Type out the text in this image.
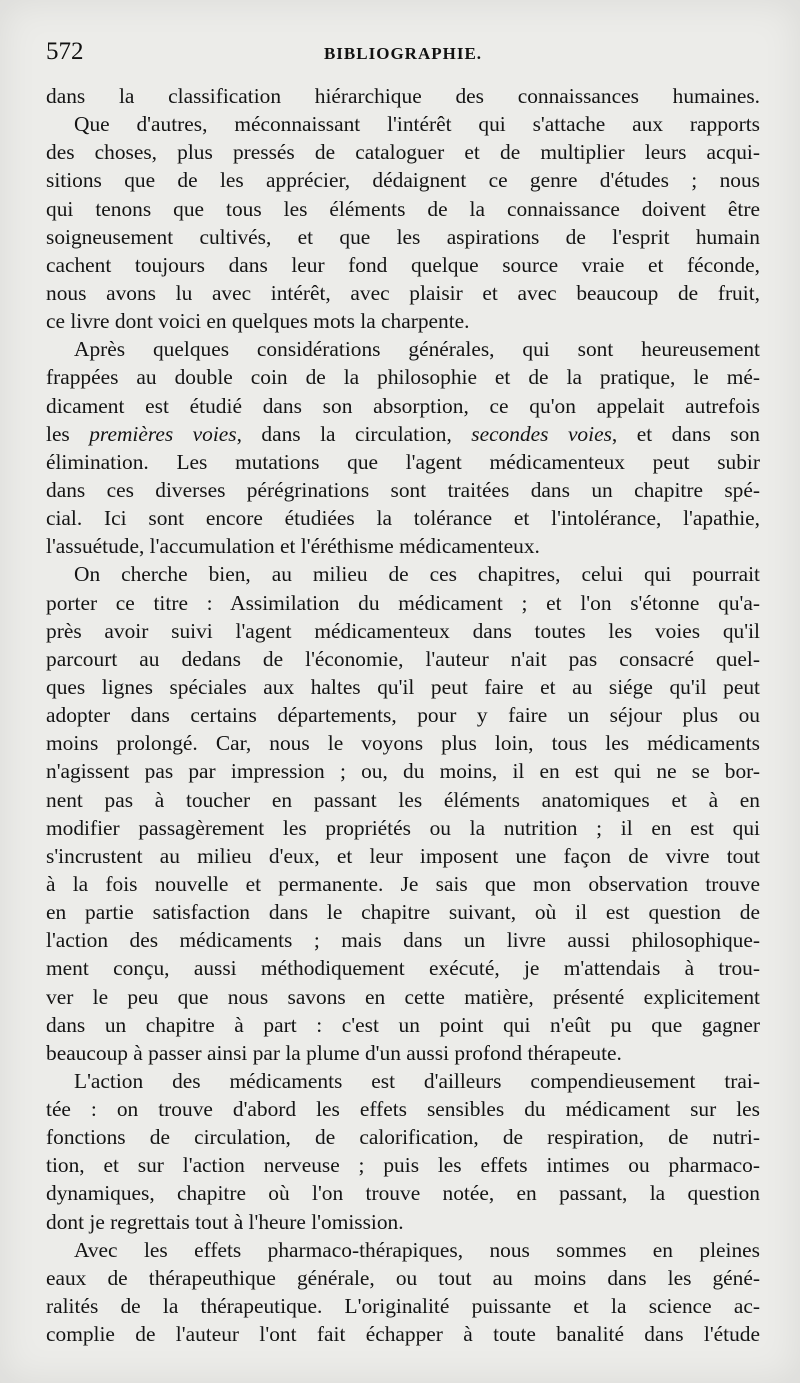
572	BIBLIOGRAPHIE.
dans la classification hiérarchique des connaissances humaines.
Que d'autres, méconnaissant l'intérêt qui s'attache aux rapports
des choses, plus pressés de cataloguer et de multiplier leurs acqui-
sitions que de les apprécier, dédaignent ce genre d'études ; nous
qui tenons que tous les éléments de la connaissance doivent être
soigneusement cultivés, et que les aspirations de l'esprit humain
cachent toujours dans leur fond quelque source vraie et féconde,
nous avons lu avec intérêt, avec plaisir et avec beaucoup de fruit,
ce livre dont voici en quelques mots la charpente.
Après quelques considérations générales, qui sont heureusement
frappées au double coin de la philosophie et de la pratique, le mé-
dicament est étudié dans son absorption, ce qu'on appelait autrefois
les premières voies, dans la circulation, secondes voies, et dans son
élimination. Les mutations que l'agent médicamenteux peut subir
dans ces diverses pérégrinations sont traitées dans un chapitre spé-
cial. Ici sont encore étudiées la tolérance et l'intolérance, l'apathie,
l'assuétude, l'accumulation et l'éréthisme médicamenteux.
On cherche bien, au milieu de ces chapitres, celui qui pourrait
porter ce titre : Assimilation du médicament ; et l'on s'étonne qu'a-
près avoir suivi l'agent médicamenteux dans toutes les voies qu'il
parcourt au dedans de l'économie, l'auteur n'ait pas consacré quel-
ques lignes spéciales aux haltes qu'il peut faire et au siége qu'il peut
adopter dans certains départements, pour y faire un séjour plus ou
moins prolongé. Car, nous le voyons plus loin, tous les médicaments
n'agissent pas par impression ; ou, du moins, il en est qui ne se bor-
nent pas à toucher en passant les éléments anatomiques et à en
modifier passagèrement les propriétés ou la nutrition ; il en est qui
s'incrustent au milieu d'eux, et leur imposent une façon de vivre tout
à la fois nouvelle et permanente. Je sais que mon observation trouve
en partie satisfaction dans le chapitre suivant, où il est question de
l'action des médicaments ; mais dans un livre aussi philosophique-
ment conçu, aussi méthodiquement exécuté, je m'attendais à trou-
ver le peu que nous savons en cette matière, présenté explicitement
dans un chapitre à part : c'est un point qui n'eût pu que gagner
beaucoup à passer ainsi par la plume d'un aussi profond thérapeute.
L'action des médicaments est d'ailleurs compendieusement trai-
tée : on trouve d'abord les effets sensibles du médicament sur les
fonctions de circulation, de calorification, de respiration, de nutri-
tion, et sur l'action nerveuse ; puis les effets intimes ou pharmaco-
dynamiques, chapitre où l'on trouve notée, en passant, la question
dont je regrettais tout à l'heure l'omission.
Avec les effets pharmaco-thérapiques, nous sommes en pleines
eaux de thérapeuthique générale, ou tout au moins dans les géné-
ralités de la thérapeutique. L'originalité puissante et la science ac-
complie de l'auteur l'ont fait échapper à toute banalité dans l'étude
